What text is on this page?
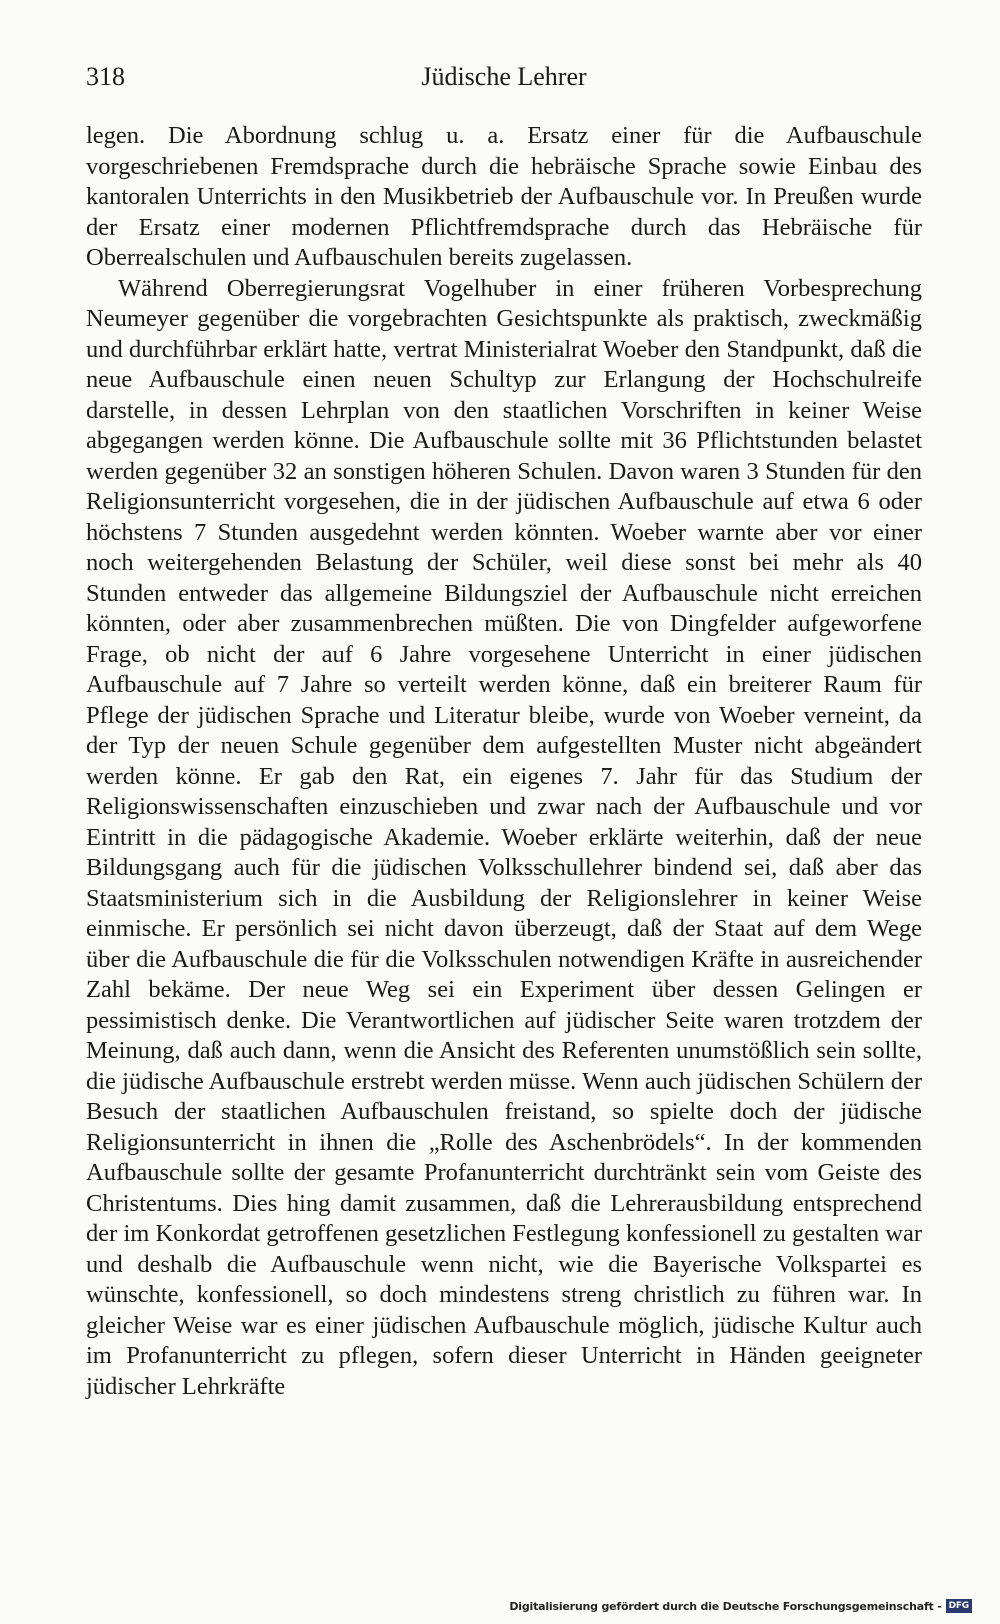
318	Jüdische Lehrer

legen. Die Abordnung schlug u. a. Ersatz einer für die Aufbauschule vorgeschriebenen Fremdsprache durch die hebräische Sprache sowie Einbau des kantoralen Unterrichts in den Musikbetrieb der Aufbauschule vor. In Preußen wurde der Ersatz einer modernen Pflichtfremdsprache durch das Hebräische für Oberrealschulen und Aufbauschulen bereits zugelassen.

Während Oberregierungsrat Vogelhuber in einer früheren Vorbesprechung Neumeyer gegenüber die vorgebrachten Gesichtspunkte als praktisch, zweckmäßig und durchführbar erklärt hatte, vertrat Ministerialrat Woeber den Standpunkt, daß die neue Aufbauschule einen neuen Schultyp zur Erlangung der Hochschulreife darstelle, in dessen Lehrplan von den staatlichen Vorschriften in keiner Weise abgegangen werden könne. Die Aufbauschule sollte mit 36 Pflichtstunden belastet werden gegenüber 32 an sonstigen höheren Schulen. Davon waren 3 Stunden für den Religionsunterricht vorgesehen, die in der jüdischen Aufbauschule auf etwa 6 oder höchstens 7 Stunden ausgedehnt werden könnten. Woeber warnte aber vor einer noch weitergehenden Belastung der Schüler, weil diese sonst bei mehr als 40 Stunden entweder das allgemeine Bildungsziel der Aufbauschule nicht erreichen könnten, oder aber zusammenbrechen müßten. Die von Dingfelder aufgeworfene Frage, ob nicht der auf 6 Jahre vorgesehene Unterricht in einer jüdischen Aufbauschule auf 7 Jahre so verteilt werden könne, daß ein breiterer Raum für Pflege der jüdischen Sprache und Literatur bleibe, wurde von Woeber verneint, da der Typ der neuen Schule gegenüber dem aufgestellten Muster nicht abgeändert werden könne. Er gab den Rat, ein eigenes 7. Jahr für das Studium der Religionswissenschaften einzuschieben und zwar nach der Aufbauschule und vor Eintritt in die pädagogische Akademie. Woeber erklärte weiterhin, daß der neue Bildungsgang auch für die jüdischen Volksschullehrer bindend sei, daß aber das Staatsministerium sich in die Ausbildung der Religionslehrer in keiner Weise einmische. Er persönlich sei nicht davon überzeugt, daß der Staat auf dem Wege über die Aufbauschule die für die Volksschulen notwendigen Kräfte in ausreichender Zahl bekäme. Der neue Weg sei ein Experiment über dessen Gelingen er pessimistisch denke. Die Verantwortlichen auf jüdischer Seite waren trotzdem der Meinung, daß auch dann, wenn die Ansicht des Referenten unumstößlich sein sollte, die jüdische Aufbauschule erstrebt werden müsse. Wenn auch jüdischen Schülern der Besuch der staatlichen Aufbauschulen freistand, so spielte doch der jüdische Religionsunterricht in ihnen die „Rolle des Aschenbrödels“. In der kommenden Aufbauschule sollte der gesamte Profanunterricht durchtränkt sein vom Geiste des Christentums. Dies hing damit zusammen, daß die Lehrerausbildung entsprechend der im Konkordat getroffenen gesetzlichen Festlegung konfessionell zu gestalten war und deshalb die Aufbauschule wenn nicht, wie die Bayerische Volkspartei es wünschte, konfessionell, so doch mindestens streng christlich zu führen war. In gleicher Weise war es einer jüdischen Aufbauschule möglich, jüdische Kultur auch im Profanunterricht zu pflegen, sofern dieser Unterricht in Händen geeigneter jüdischer Lehrkräfte

Digitalisierung gefördert durch die Deutsche Forschungsgemeinschaft - DFG
